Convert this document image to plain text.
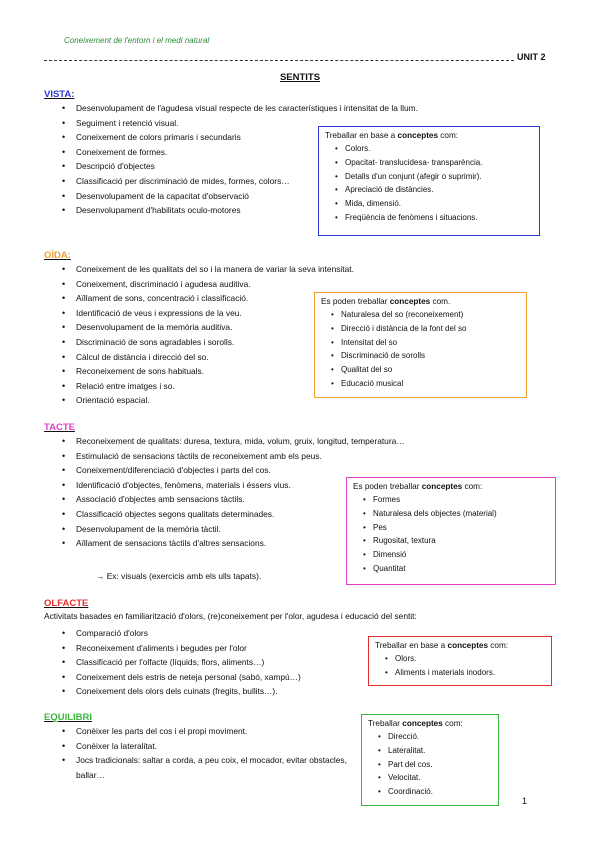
Coneixement de l'entorn i el medi natural
UNIT 2
SENTITS
VISTA:
• Desenvolupament de l'agudesa visual respecte de les característiques i intensitat de la llum.
• Seguiment i retenció visual.
• Coneixement de colors primaris i secundaris
• Coneixement de formes.
• Descripció d'objectes
• Classificació per discriminació de mides, formes, colors…
• Desenvolupament de la capacitat d'observació
• Desenvolupament d'habilitats oculo-motores
Treballar en base a conceptes com:
• Colors.
• Opacitat- translucidesa- transparència.
• Detalls d'un conjunt (afegir o suprimir).
• Apreciació de distàncies.
• Mida, dimensió.
• Freqüència de fenòmens i situacions.
OÏDA:
• Coneixement de les qualitats del so i la manera de variar la seva intensitat.
• Coneixement, discriminació i agudesa auditiva.
• Aïllament de sons, concentració i classificació.
• Identificació de veus i expressions de la veu.
• Desenvolupament de la memòria auditiva.
• Discriminació de sons agradables i sorolls.
• Càlcul de distància i direcció del so.
• Reconeixement de sons habituals.
• Relació entre imatges i so.
• Orientació espacial.
Es poden treballar conceptes com.
• Naturalesa del so (reconeixement)
• Direcció i distància de la font del so
• Intensitat del so
• Discriminació de sorolls
• Qualitat del so
• Educació musical
TACTE
• Reconeixement de qualitats: duresa, textura, mida, volum, gruix, longitud, temperatura…
• Estimulació de sensacions tàctils de reconeixement amb els peus.
• Coneixement/diferenciació d'objectes i parts del cos.
• Identificació d'objectes, fenòmens, materials i éssers vius.
• Associació d'objectes amb sensacions tàctils.
• Classificació objectes segons qualitats determinades.
• Desenvolupament de la memòria tàctil.
• Aïllament de sensacions tàctils d'altres sensacions.
→ Ex: visuals (exercicis amb els ulls tapats).
Es poden treballar conceptes com:
• Formes
• Naturalesa dels objectes (material)
• Pes
• Rugositat, textura
• Dimensió
• Quantitat
OLFACTE
Activitats basades en familiarització d'olors, (re)coneixement per l'olor, agudesa i educació del sentit:
• Comparació d'olors
• Reconeixement d'aliments i begudes per l'olor
• Classificació per l'olfacte (líquids, flors, aliments…)
• Coneixement dels estris de neteja personal (sabó, xampú…)
• Coneixement dels olors dels cuinats (fregits, bullits…).
Treballar en base a conceptes com:
• Olors.
• Aliments i materials inodors.
EQUILIBRI
• Conèixer les parts del cos i el propi moviment.
• Conèixer la lateralitat.
• Jocs tradicionals: saltar a corda, a peu coix, el mocador, evitar obstacles, ballar…
Treballar conceptes com:
• Direcció.
• Lateralitat.
• Part del cos.
• Velocitat.
• Coordinació.
1
